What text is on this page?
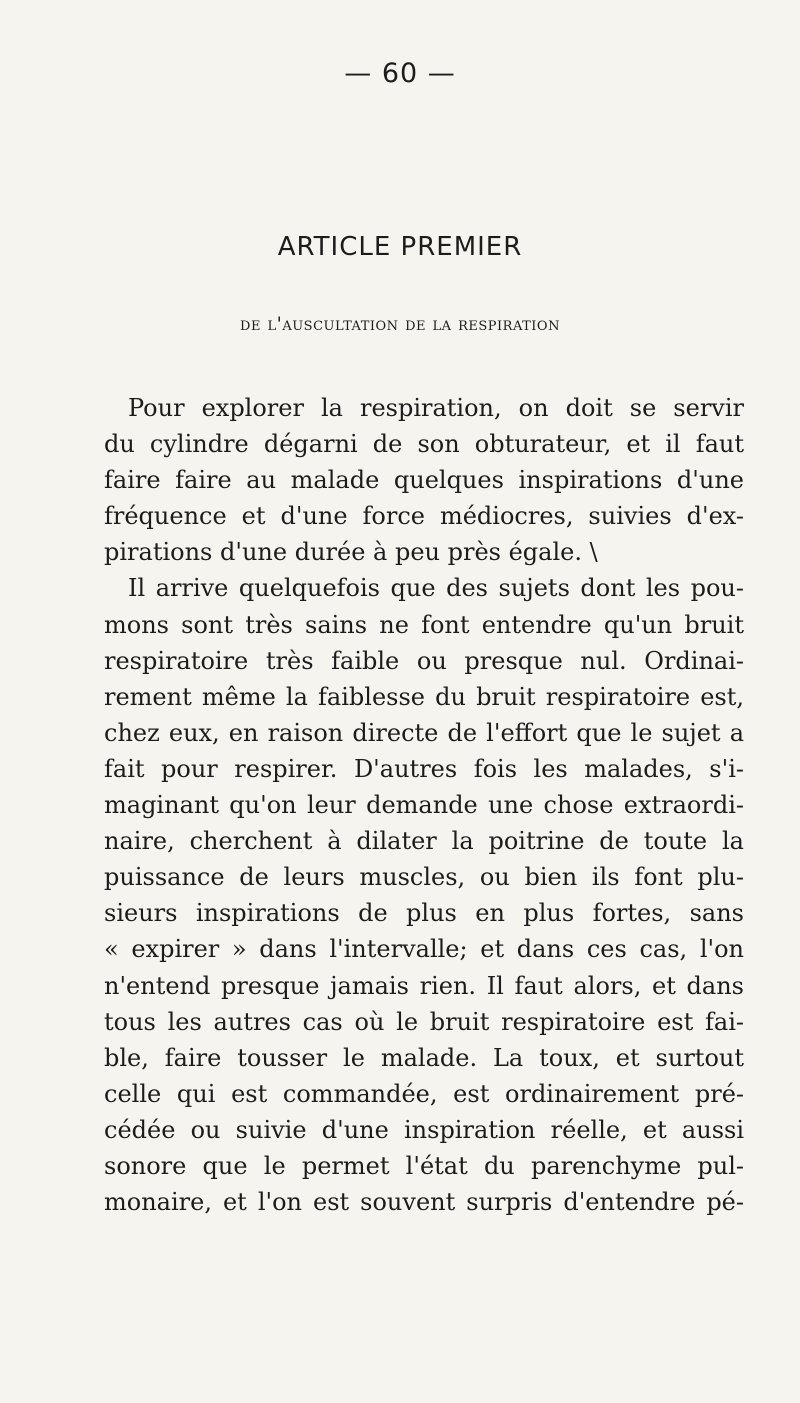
— 60 —
ARTICLE PREMIER
de l'auscultation de la respiration
Pour explorer la respiration, on doit se servir
du cylindre dégarni de son obturateur, et il faut
faire faire au malade quelques inspirations d'une
fréquence et d'une force médiocres, suivies d'ex-
pirations d'une durée à peu près égale. \
Il arrive quelquefois que des sujets dont les pou-
mons sont très sains ne font entendre qu'un bruit
respiratoire très faible ou presque nul. Ordinai-
rement même la faiblesse du bruit respiratoire est,
chez eux, en raison directe de l'effort que le sujet a
fait pour respirer. D'autres fois les malades, s'i-
maginant qu'on leur demande une chose extraordi-
naire, cherchent à dilater la poitrine de toute la
puissance de leurs muscles, ou bien ils font plu-
sieurs inspirations de plus en plus fortes, sans
« expirer » dans l'intervalle; et dans ces cas, l'on
n'entend presque jamais rien. Il faut alors, et dans
tous les autres cas où le bruit respiratoire est fai-
ble, faire tousser le malade. La toux, et surtout
celle qui est commandée, est ordinairement pré-
cédée ou suivie d'une inspiration réelle, et aussi
sonore que le permet l'état du parenchyme pul-
monaire, et l'on est souvent surpris d'entendre pé-
